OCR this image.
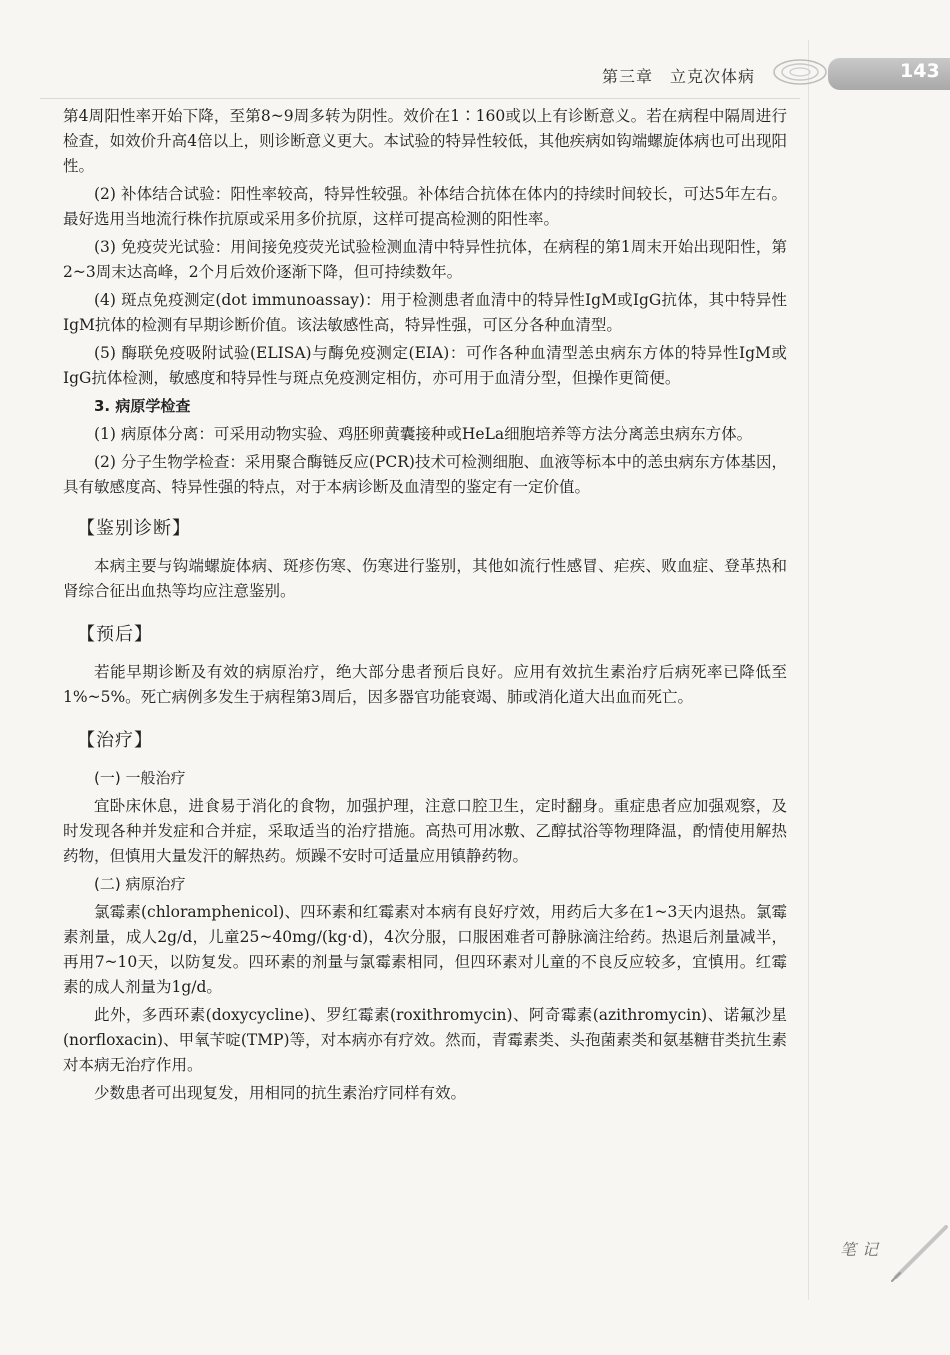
第三章　立克次体病	143

第4周阳性率开始下降，至第8~9周多转为阴性。效价在1∶160或以上有诊断意义。若在病程中隔周进行检查，如效价升高4倍以上，则诊断意义更大。本试验的特异性较低，其他疾病如钩端螺旋体病也可出现阳性。

(2) 补体结合试验：阳性率较高，特异性较强。补体结合抗体在体内的持续时间较长，可达5年左右。最好选用当地流行株作抗原或采用多价抗原，这样可提高检测的阳性率。

(3) 免疫荧光试验：用间接免疫荧光试验检测血清中特异性抗体，在病程的第1周末开始出现阳性，第2~3周末达高峰，2个月后效价逐渐下降，但可持续数年。

(4) 斑点免疫测定(dot immunoassay)：用于检测患者血清中的特异性IgM或IgG抗体，其中特异性IgM抗体的检测有早期诊断价值。该法敏感性高，特异性强，可区分各种血清型。

(5) 酶联免疫吸附试验(ELISA)与酶免疫测定(EIA)：可作各种血清型恙虫病东方体的特异性IgM或IgG抗体检测，敏感度和特异性与斑点免疫测定相仿，亦可用于血清分型，但操作更简便。

3. 病原学检查

(1) 病原体分离：可采用动物实验、鸡胚卵黄囊接种或HeLa细胞培养等方法分离恙虫病东方体。

(2) 分子生物学检查：采用聚合酶链反应(PCR)技术可检测细胞、血液等标本中的恙虫病东方体基因，具有敏感度高、特异性强的特点，对于本病诊断及血清型的鉴定有一定价值。

【鉴别诊断】

本病主要与钩端螺旋体病、斑疹伤寒、伤寒进行鉴别，其他如流行性感冒、疟疾、败血症、登革热和肾综合征出血热等均应注意鉴别。

【预后】

若能早期诊断及有效的病原治疗，绝大部分患者预后良好。应用有效抗生素治疗后病死率已降低至1%~5%。死亡病例多发生于病程第3周后，因多器官功能衰竭、肺或消化道大出血而死亡。

【治疗】
(一) 一般治疗

宜卧床休息，进食易于消化的食物，加强护理，注意口腔卫生，定时翻身。重症患者应加强观察，及时发现各种并发症和合并症，采取适当的治疗措施。高热可用冰敷、乙醇拭浴等物理降温，酌情使用解热药物，但慎用大量发汗的解热药。烦躁不安时可适量应用镇静药物。

(二) 病原治疗

氯霉素(chloramphenicol)、四环素和红霉素对本病有良好疗效，用药后大多在1~3天内退热。氯霉素剂量，成人2g/d，儿童25~40mg/(kg·d)，4次分服，口服困难者可静脉滴注给药。热退后剂量减半，再用7~10天，以防复发。四环素的剂量与氯霉素相同，但四环素对儿童的不良反应较多，宜慎用。红霉素的成人剂量为1g/d。

此外，多西环素(doxycycline)、罗红霉素(roxithromycin)、阿奇霉素(azithromycin)、诺氟沙星(norfloxacin)、甲氧苄啶(TMP)等，对本病亦有疗效。然而，青霉素类、头孢菌素类和氨基糖苷类抗生素对本病无治疗作用。

少数患者可出现复发，用相同的抗生素治疗同样有效。

笔记
